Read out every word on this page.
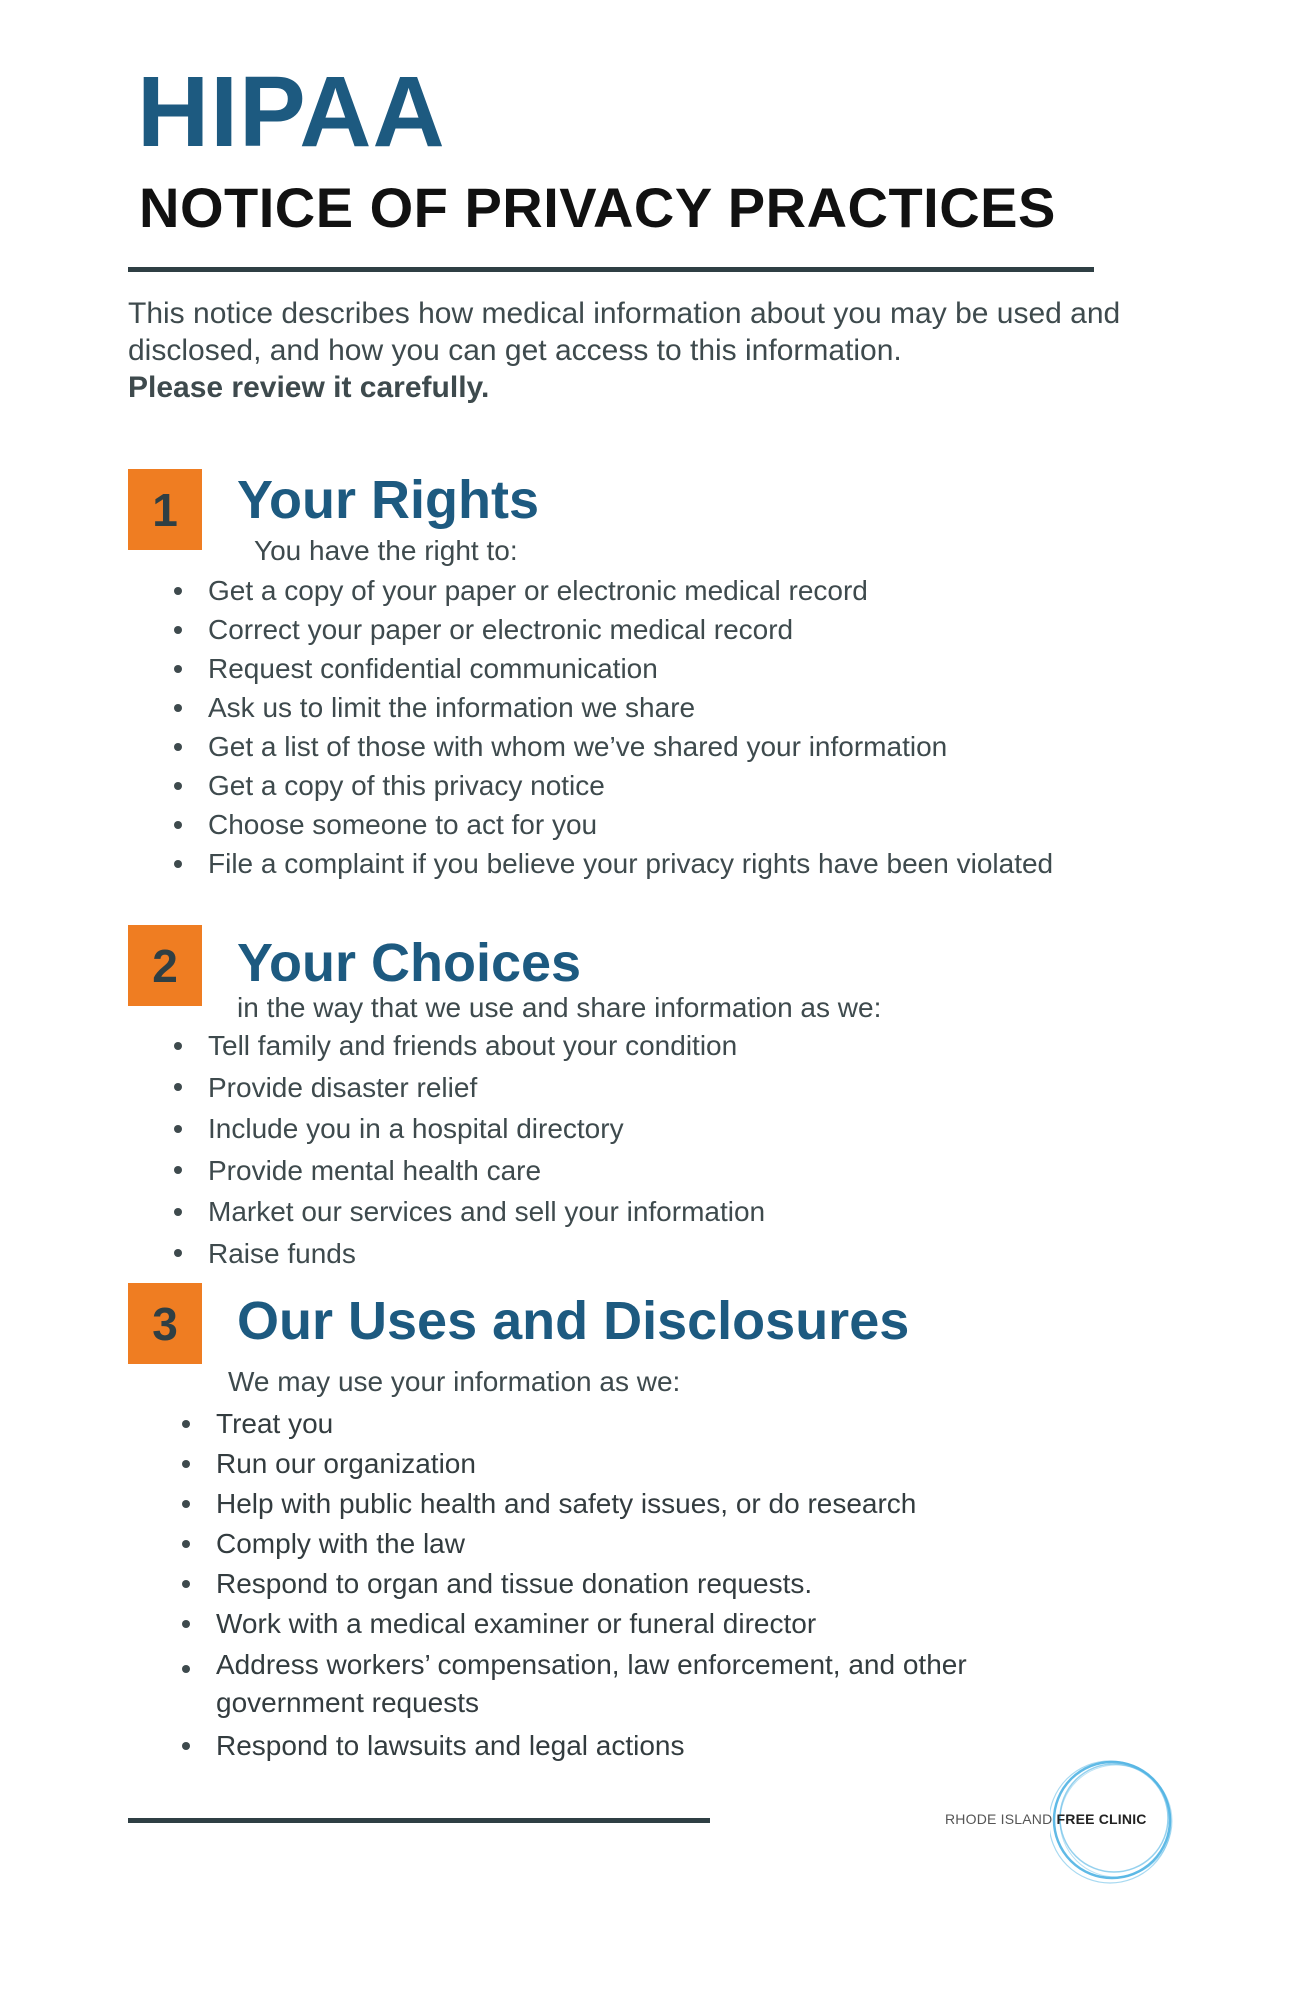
HIPAA
NOTICE OF PRIVACY PRACTICES
This notice describes how medical information about you may be used and disclosed, and how you can get access to this information.
Please review it carefully.
1	Your Rights
You have the right to:
Get a copy of your paper or electronic medical record
Correct your paper or electronic medical record
Request confidential communication
Ask us to limit the information we share
Get a list of those with whom we’ve shared your information
Get a copy of this privacy notice
Choose someone to act for you
File a complaint if you believe your privacy rights have been violated
2	Your Choices
in the way that we use and share information as we:
Tell family and friends about your condition
Provide disaster relief
Include you in a hospital directory
Provide mental health care
Market our services and sell your information
Raise funds
3	Our Uses and Disclosures
We may use your information as we:
Treat you
Run our organization
Help with public health and safety issues, or do research
Comply with the law
Respond to organ and tissue donation requests.
Work with a medical examiner or funeral director
Address workers’ compensation, law enforcement, and other government requests
Respond to lawsuits and legal actions
RHODE ISLAND FREE CLINIC
